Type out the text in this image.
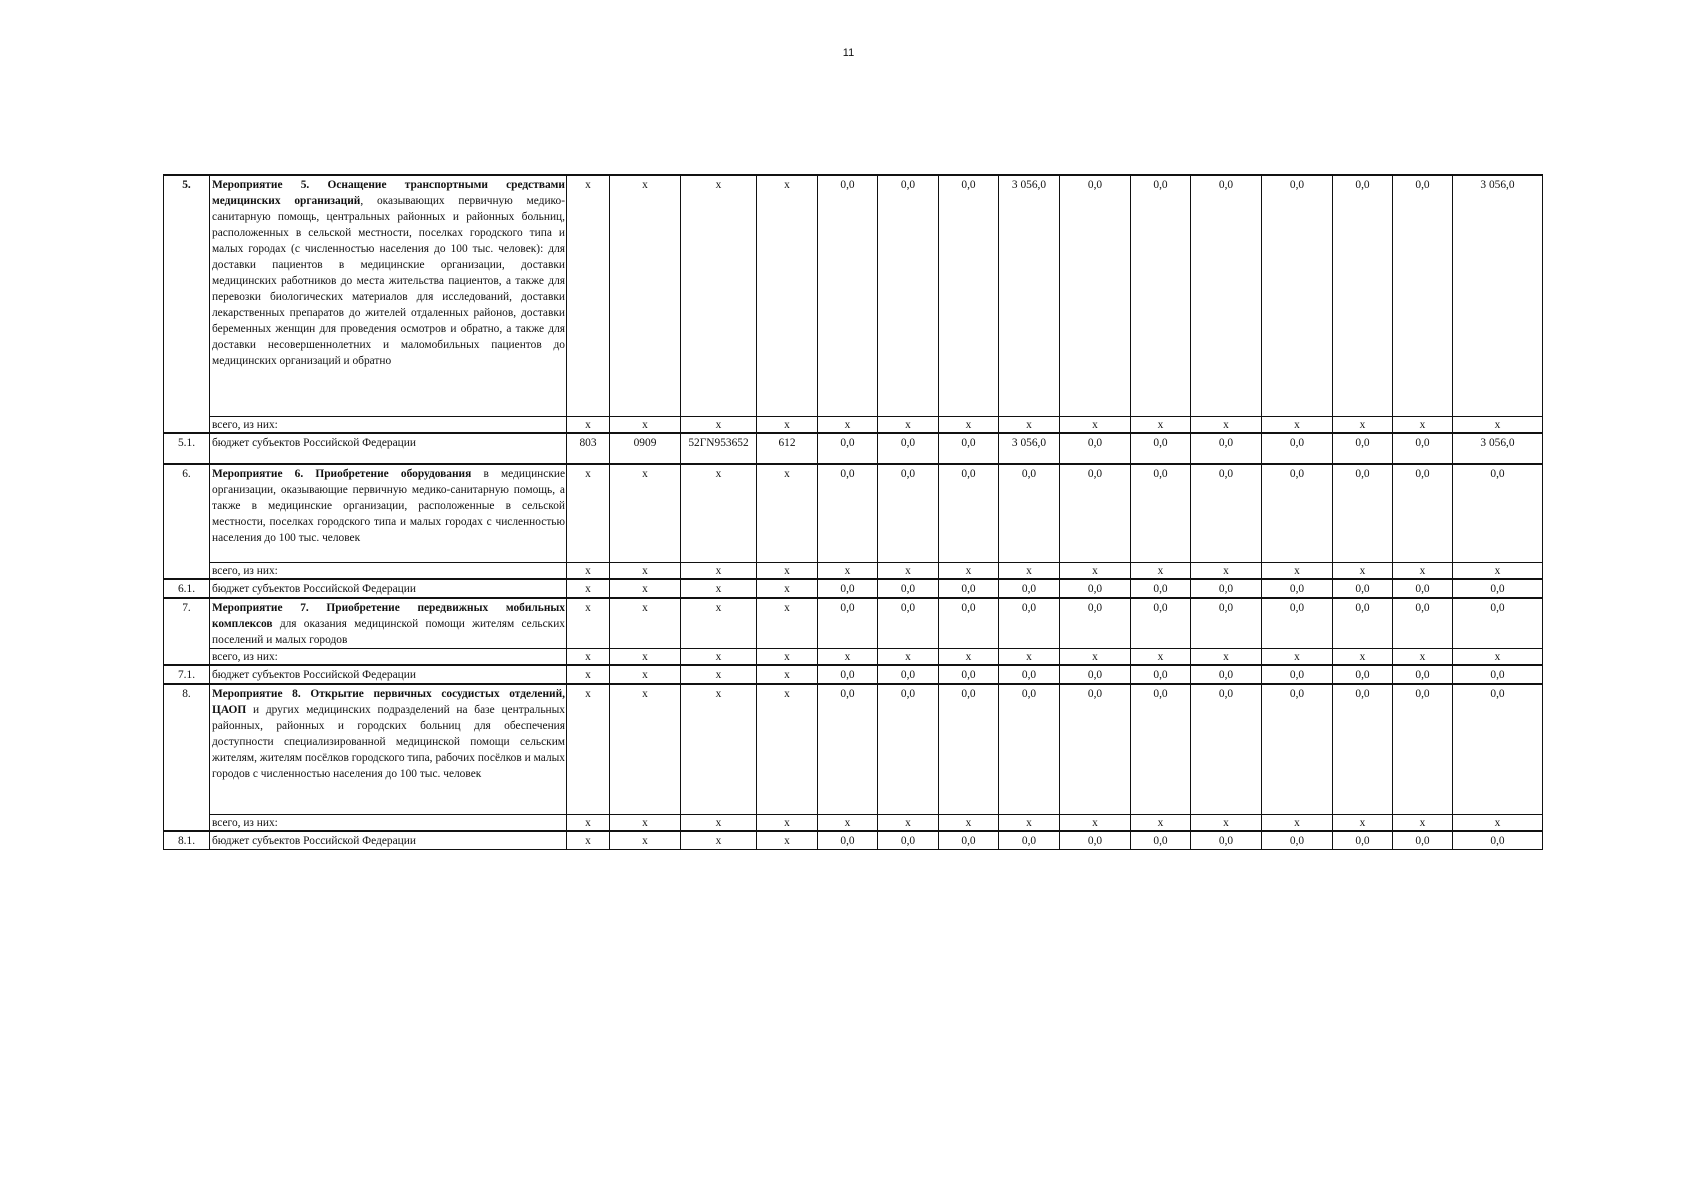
11
5.	Мероприятие 5. Оснащение транспортными средствами медицинских организаций, оказывающих первичную медико-санитарную помощь, центральных районных и районных больниц, расположенных в сельской местности, поселках городского типа и малых городах (с численностью населения до 100 тыс. человек): для доставки пациентов в медицинские организации, доставки медицинских работников до места жительства пациентов, а также для перевозки биологических материалов для исследований, доставки лекарственных препаратов до жителей отдаленных районов, доставки беременных женщин для проведения осмотров и обратно, а также для доставки несовершеннолетних и маломобильных пациентов до медицинских организаций и обратно	х	х	х	х	0,0	0,0	0,0	3 056,0	0,0	0,0	0,0	0,0	0,0	0,0	3 056,0
	всего, из них:	х	х	х	х	х	х	х	х	х	х	х	х	х	х	х
5.1.	бюджет субъектов Российской Федерации	803	0909	52ГN953652	612	0,0	0,0	0,0	3 056,0	0,0	0,0	0,0	0,0	0,0	0,0	3 056,0
6.	Мероприятие 6. Приобретение оборудования в медицинские организации, оказывающие первичную медико-санитарную помощь, а также в медицинские организации, расположенные в сельской местности, поселках городского типа и малых городах с численностью населения до 100 тыс. человек	х	х	х	х	0,0	0,0	0,0	0,0	0,0	0,0	0,0	0,0	0,0	0,0	0,0
	всего, из них:	х	х	х	х	х	х	х	х	х	х	х	х	х	х	х
6.1.	бюджет субъектов Российской Федерации	х	х	х	х	0,0	0,0	0,0	0,0	0,0	0,0	0,0	0,0	0,0	0,0	0,0
7.	Мероприятие 7. Приобретение передвижных мобильных комплексов для оказания медицинской помощи жителям сельских поселений и малых городов	х	х	х	х	0,0	0,0	0,0	0,0	0,0	0,0	0,0	0,0	0,0	0,0	0,0
	всего, из них:	х	х	х	х	х	х	х	х	х	х	х	х	х	х	х
7.1.	бюджет субъектов Российской Федерации	х	х	х	х	0,0	0,0	0,0	0,0	0,0	0,0	0,0	0,0	0,0	0,0	0,0
8.	Мероприятие 8. Открытие первичных сосудистых отделений, ЦАОП и других медицинских подразделений на базе центральных районных, районных и городских больниц для обеспечения доступности специализированной медицинской помощи сельским жителям, жителям посёлков городского типа, рабочих посёлков и малых городов с численностью населения до 100 тыс. человек	х	х	х	х	0,0	0,0	0,0	0,0	0,0	0,0	0,0	0,0	0,0	0,0	0,0
	всего, из них:	х	х	х	х	х	х	х	х	х	х	х	х	х	х	х
8.1.	бюджет субъектов Российской Федерации	х	х	х	х	0,0	0,0	0,0	0,0	0,0	0,0	0,0	0,0	0,0	0,0	0,0
